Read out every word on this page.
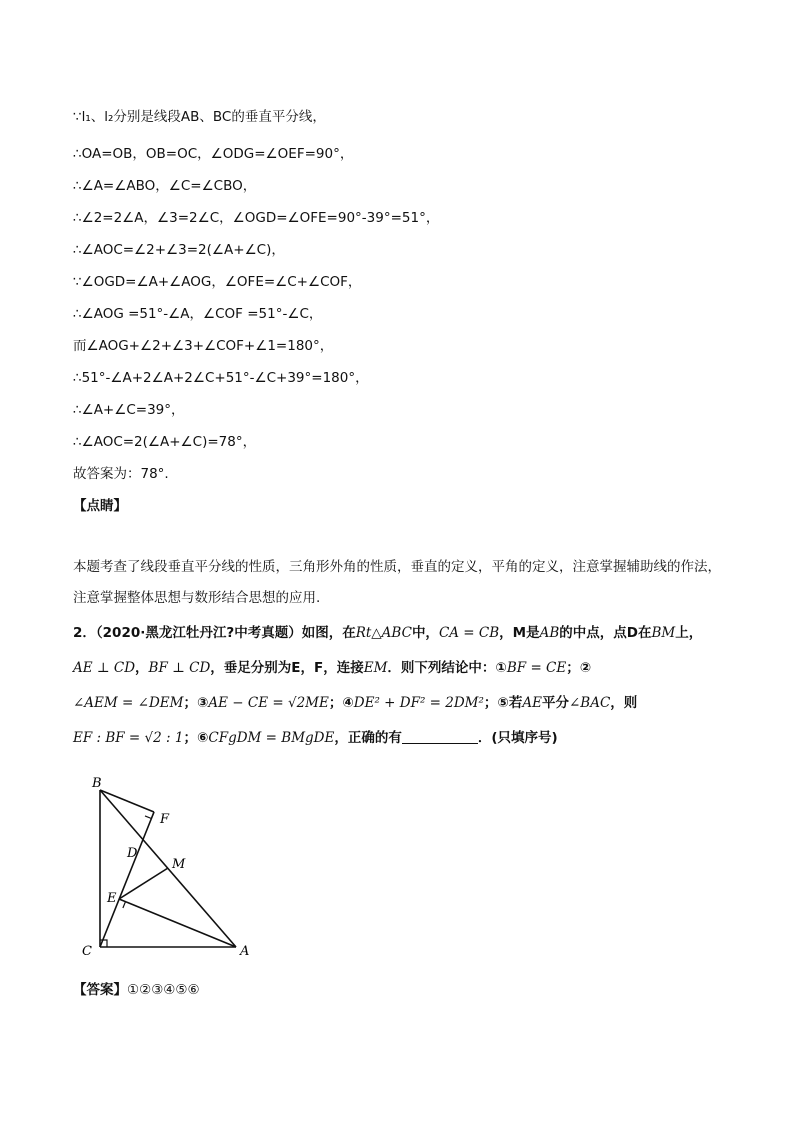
∵l₁、l₂分别是线段AB、BC的垂直平分线，
∴OA=OB，OB=OC，∠ODG=∠OEF=90°，
∴∠A=∠ABO，∠C=∠CBO，
∴∠2=2∠A，∠3=2∠C，∠OGD=∠OFE=90°-39°=51°，
∴∠AOC=∠2+∠3=2(∠A+∠C)，
∵∠OGD=∠A+∠AOG，∠OFE=∠C+∠COF，
∴∠AOG =51°-∠A，∠COF =51°-∠C，
而∠AOG+∠2+∠3+∠COF+∠1=180°，
∴51°-∠A+2∠A+2∠C+51°-∠C+39°=180°，
∴∠A+∠C=39°，
∴∠AOC=2(∠A+∠C)=78°，
故答案为：78°.
【点睛】
本题考查了线段垂直平分线的性质，三角形外角的性质，垂直的定义，平角的定义，注意掌握辅助线的作法，注意掌握整体思想与数形结合思想的应用.
2．（2020·黑龙江牡丹江?中考真题）如图，在Rt△ABC中，CA = CB，M是AB的中点，点D在BM上，
AE ⊥ CD，BF ⊥ CD，垂足分别为E，F，连接EM．则下列结论中：①BF = CE；②
∠AEM = ∠DEM；③AE − CE = √2ME；④DE² + DF² = 2DM²；⑤若AE平分∠BAC，则
EF : BF = √2 : 1；⑥CFgDM = BMgDE，正确的有	．(只填序号)
B
F
D
M
E
C	A
【答案】①②③④⑤⑥
